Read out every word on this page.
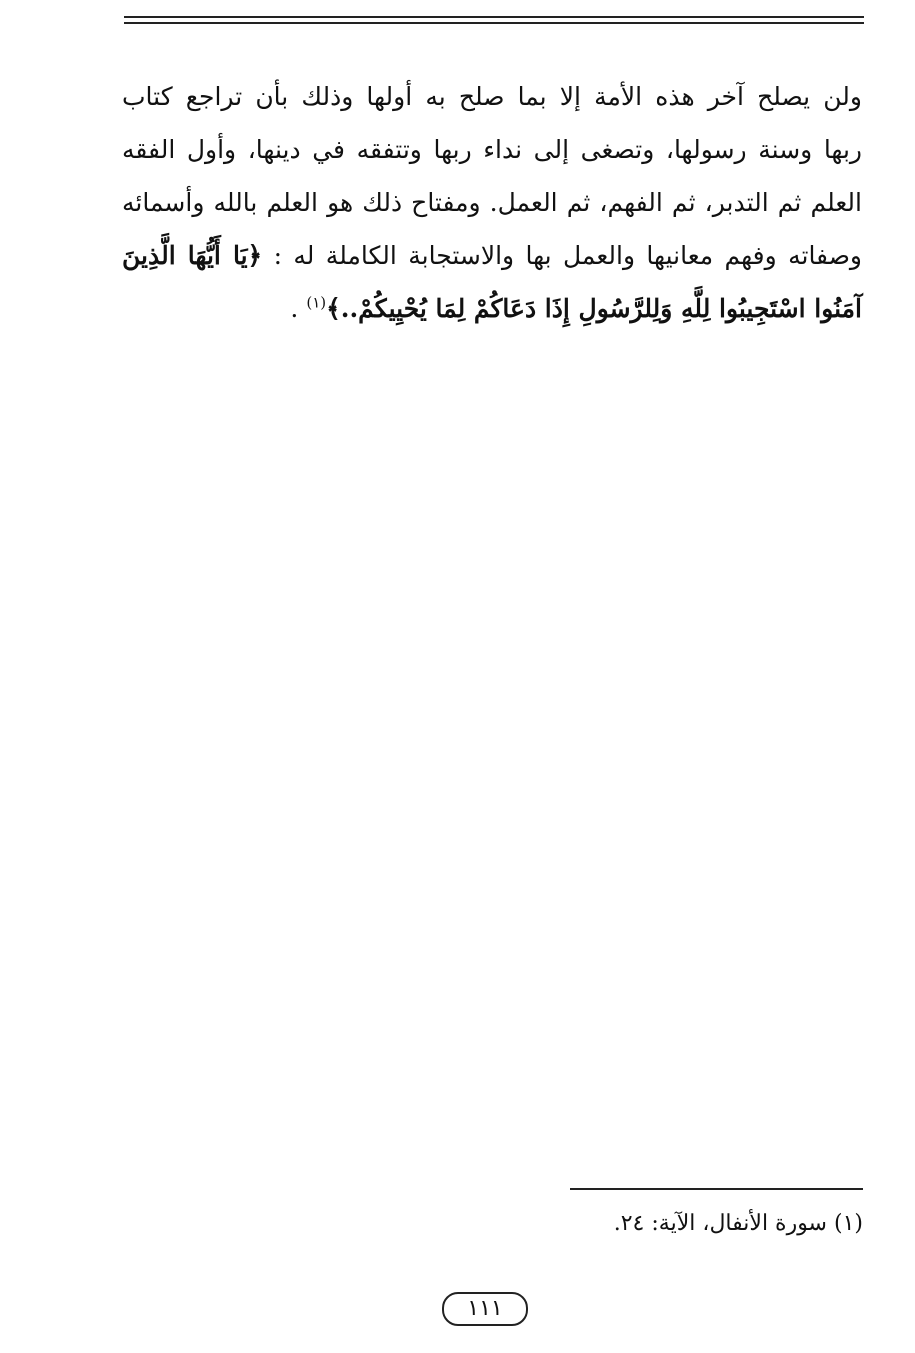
ولن يصلح آخر هذه الأمة إلا بما صلح به أولها وذلك بأن تراجع كتاب
ربها وسنة رسولها، وتصغى إلى نداء ربها وتتفقه في دينها، وأول الفقه
العلم ثم التدبر، ثم الفهم، ثم العمل. ومفتاح ذلك هو العلم بالله وأسمائه
وصفاته وفهم معانيها والعمل بها والاستجابة الكاملة له : ﴿يَا أَيُّهَا الَّذِينَ
آمَنُوا اسْتَجِيبُوا لِلَّهِ وَلِلرَّسُولِ إِذَا دَعَاكُمْ لِمَا يُحْيِيكُمْ..﴾$^{(١)}$ .
(١) سورة الأنفال، الآية: ٢٤.
١١١
